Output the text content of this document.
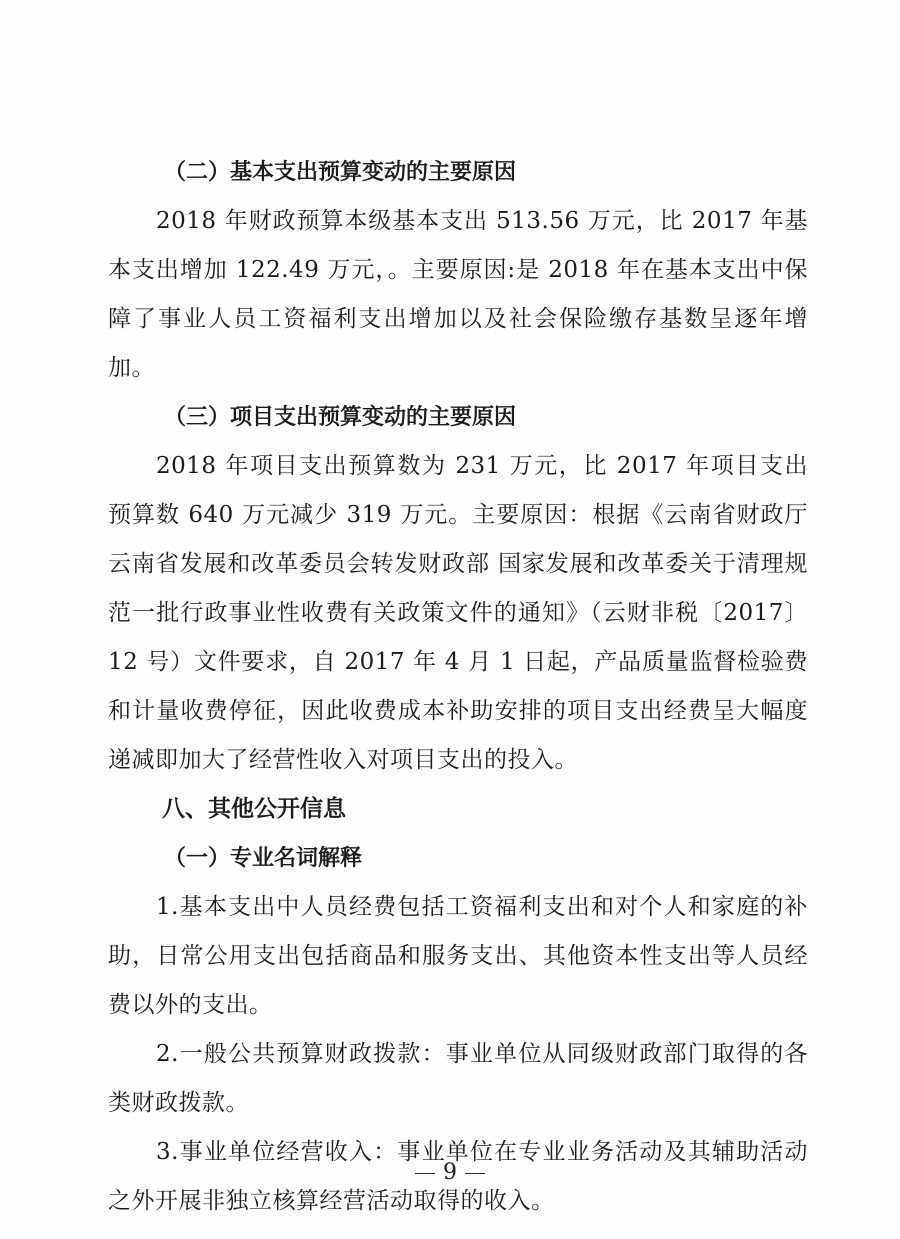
（二）基本支出预算变动的主要原因

2018 年财政预算本级基本支出 513.56 万元，比 2017 年基本支出增加 122.49 万元，。主要原因:是 2018 年在基本支出中保障了事业人员工资福利支出增加以及社会保险缴存基数呈逐年增加。

（三）项目支出预算变动的主要原因

2018 年项目支出预算数为 231 万元，比 2017 年项目支出预算数 640 万元减少 319 万元。主要原因：根据《云南省财政厅 云南省发展和改革委员会转发财政部 国家发展和改革委关于清理规范一批行政事业性收费有关政策文件的通知》（云财非税〔2017〕12 号）文件要求，自 2017 年 4 月 1 日起，产品质量监督检验费和计量收费停征，因此收费成本补助安排的项目支出经费呈大幅度递减即加大了经营性收入对项目支出的投入。

八、其他公开信息

（一）专业名词解释

1.基本支出中人员经费包括工资福利支出和对个人和家庭的补助，日常公用支出包括商品和服务支出、其他资本性支出等人员经费以外的支出。

2.一般公共预算财政拨款：事业单位从同级财政部门取得的各类财政拨款。

3.事业单位经营收入：事业单位在专业业务活动及其辅助活动之外开展非独立核算经营活动取得的收入。

9
